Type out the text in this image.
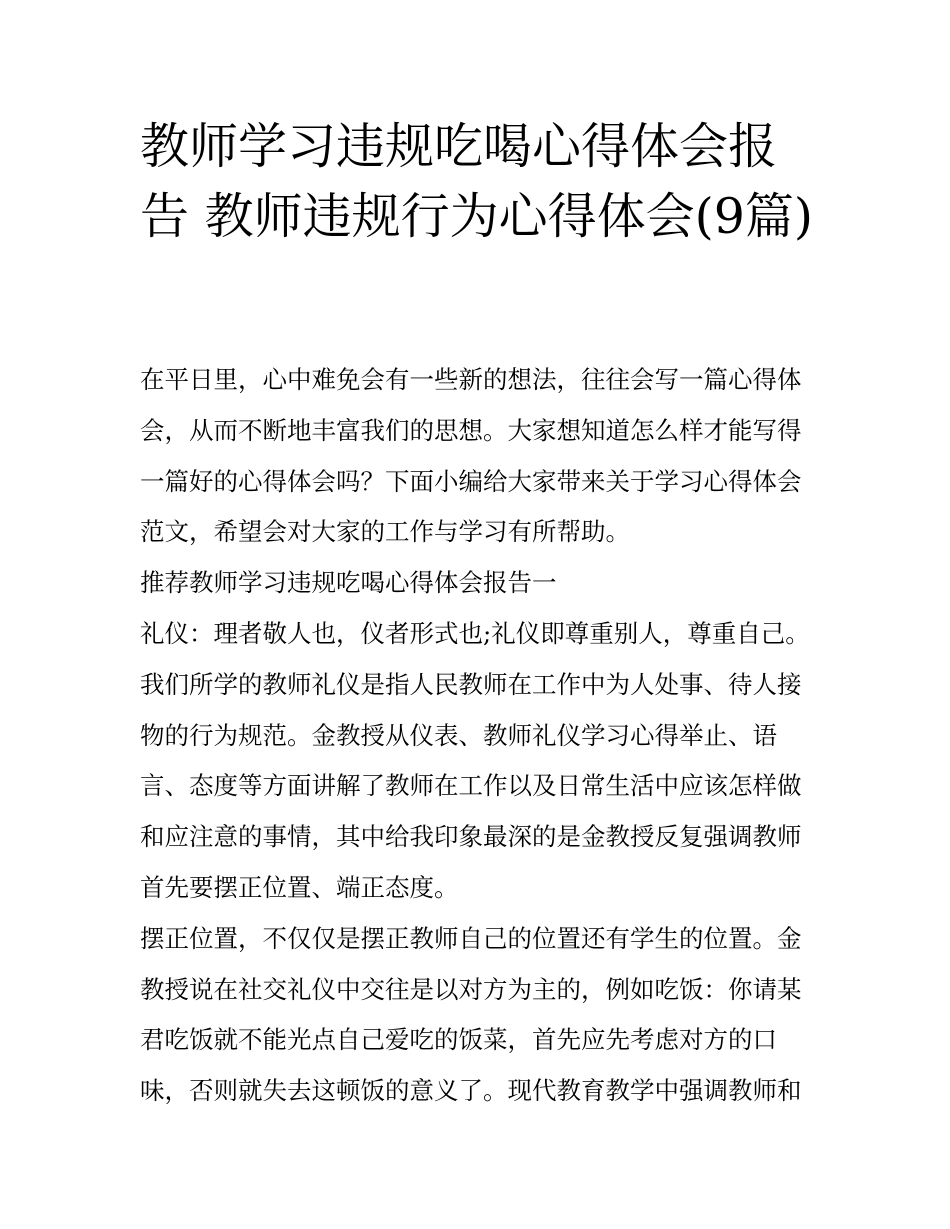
教师学习违规吃喝心得体会报告 教师违规行为心得体会(9篇)

在平日里，心中难免会有一些新的想法，往往会写一篇心得体会，从而不断地丰富我们的思想。大家想知道怎么样才能写得一篇好的心得体会吗？下面小编给大家带来关于学习心得体会范文，希望会对大家的工作与学习有所帮助。

推荐教师学习违规吃喝心得体会报告一

礼仪：理者敬人也，仪者形式也;礼仪即尊重别人，尊重自己。我们所学的教师礼仪是指人民教师在工作中为人处事、待人接物的行为规范。金教授从仪表、教师礼仪学习心得举止、语言、态度等方面讲解了教师在工作以及日常生活中应该怎样做和应注意的事情，其中给我印象最深的是金教授反复强调教师首先要摆正位置、端正态度。

摆正位置，不仅仅是摆正教师自己的位置还有学生的位置。金教授说在社交礼仪中交往是以对方为主的，例如吃饭：你请某君吃饭就不能光点自己爱吃的饭菜，首先应先考虑对方的口味，否则就失去这顿饭的意义了。现代教育教学中强调教师和
